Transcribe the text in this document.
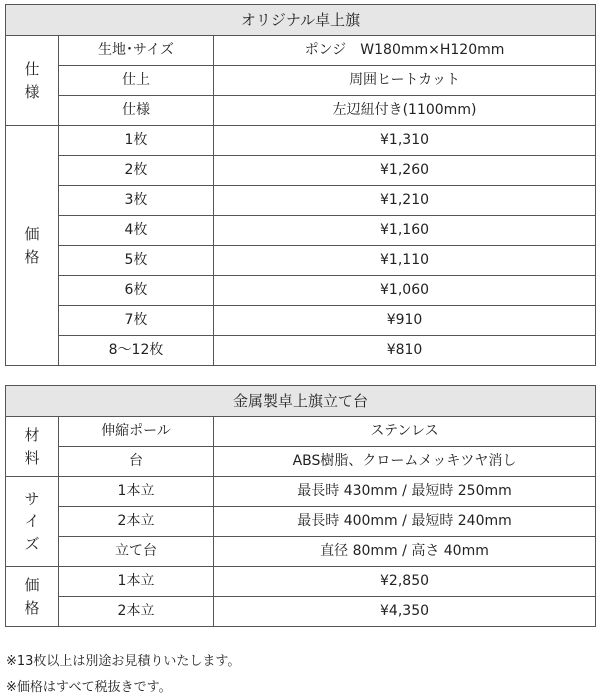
オリジナル卓上旗		

仕
様	生地･サイズ	ポンジ　W180mm×H120mm
	仕上	周囲ヒートカット
	仕様	左辺紐付き(1100mm)

価
格	1枚	¥1,310
	2枚	¥1,260
	3枚	¥1,210
	4枚	¥1,160
	5枚	¥1,110
	6枚	¥1,060
	7枚	¥910
	8～12枚	¥810
金属製卓上旗立て台		

材
料	伸縮ポール	ステンレス
	台	ABS樹脂、クロームメッキツヤ消し

サ
イ
ズ	1本立	最長時 430mm / 最短時 250mm
	2本立	最長時 400mm / 最短時 240mm
	立て台	直径 80mm / 高さ 40mm

価
格	1本立	¥2,850
	2本立	¥4,350
※13枚以上は別途お見積りいたします。
※価格はすべて税抜きです。
